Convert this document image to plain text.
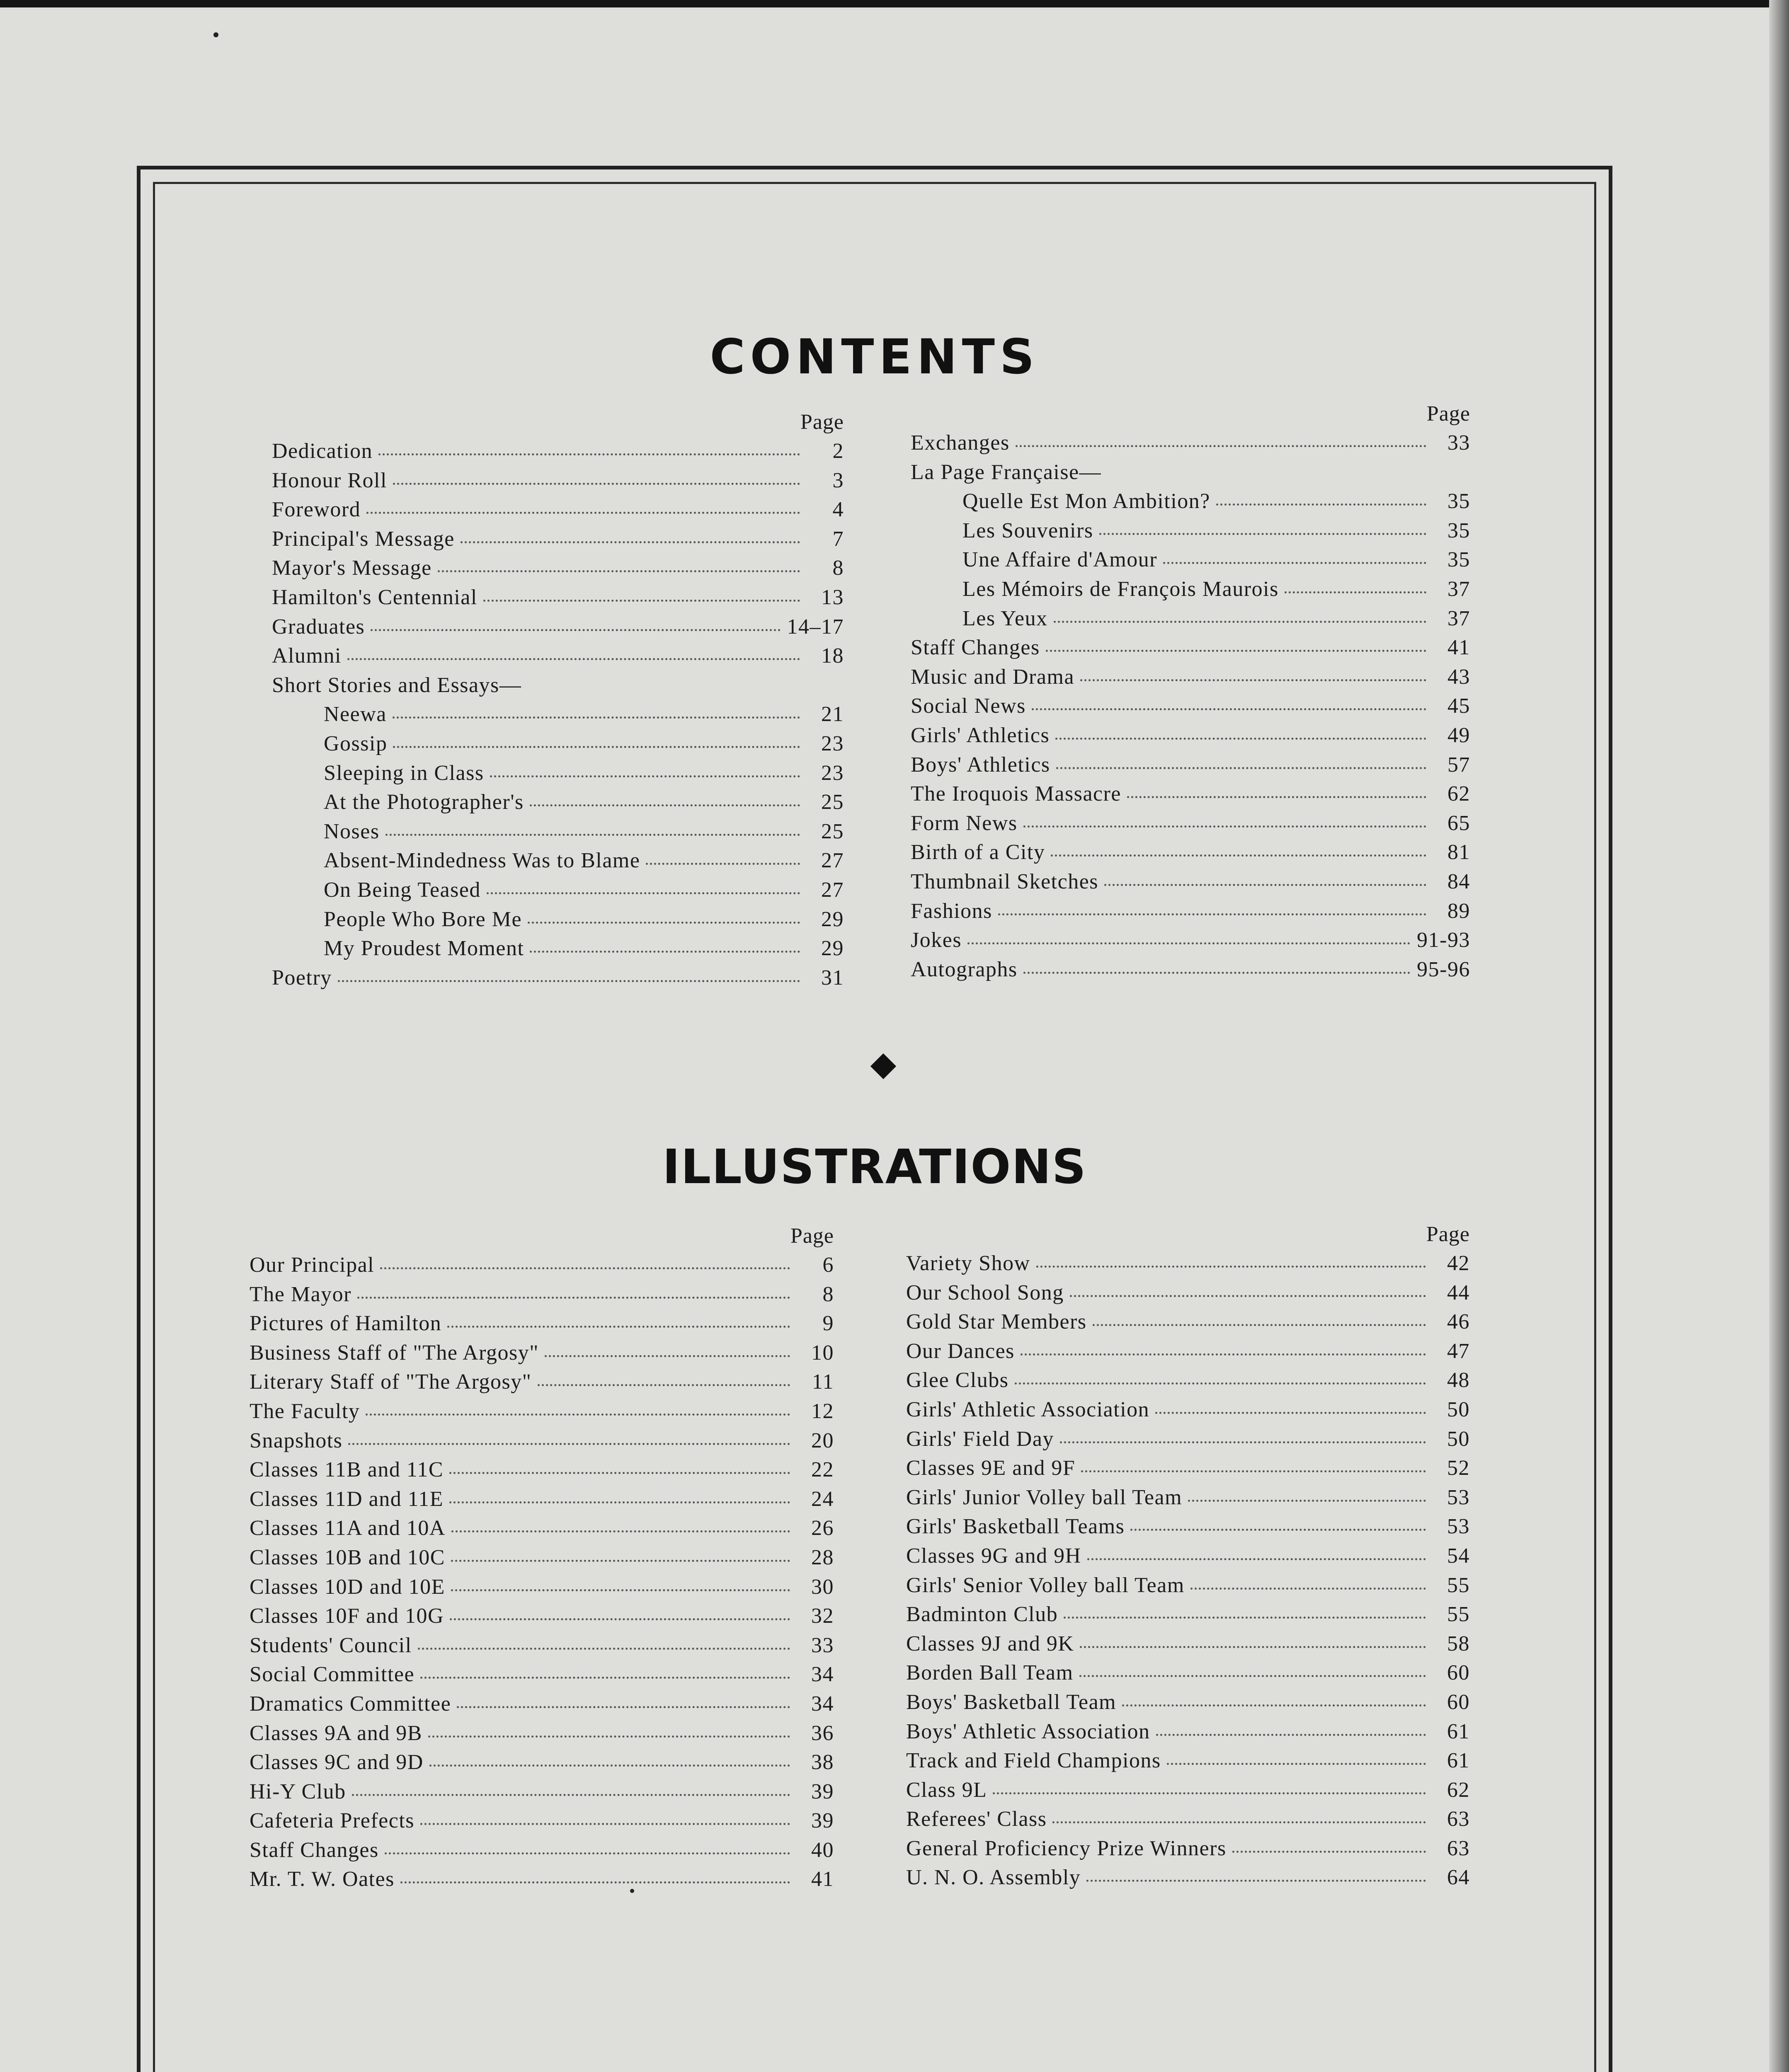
CONTENTS
Page
Dedication	2
Honour Roll	3
Foreword	4
Principal's Message	7
Mayor's Message	8
Hamilton's Centennial	13
Graduates	14–17
Alumni	18
Short Stories and Essays—
Neewa	21
Gossip	23
Sleeping in Class	23
At the Photographer's	25
Noses	25
Absent-Mindedness Was to Blame	27
On Being Teased	27
People Who Bore Me	29
My Proudest Moment	29
Poetry	31
Page
Exchanges	33
La Page Française—
Quelle Est Mon Ambition?	35
Les Souvenirs	35
Une Affaire d'Amour	35
Les Mémoirs de François Maurois	37
Les Yeux	37
Staff Changes	41
Music and Drama	43
Social News	45
Girls' Athletics	49
Boys' Athletics	57
The Iroquois Massacre	62
Form News	65
Birth of a City	81
Thumbnail Sketches	84
Fashions	89
Jokes	91-93
Autographs	95-96
ILLUSTRATIONS
Page
Our Principal	6
The Mayor	8
Pictures of Hamilton	9
Business Staff of "The Argosy"	10
Literary Staff of "The Argosy"	11
The Faculty	12
Snapshots	20
Classes 11B and 11C	22
Classes 11D and 11E	24
Classes 11A and 10A	26
Classes 10B and 10C	28
Classes 10D and 10E	30
Classes 10F and 10G	32
Students' Council	33
Social Committee	34
Dramatics Committee	34
Classes 9A and 9B	36
Classes 9C and 9D	38
Hi-Y Club	39
Cafeteria Prefects	39
Staff Changes	40
Mr. T. W. Oates	41
Page
Variety Show	42
Our School Song	44
Gold Star Members	46
Our Dances	47
Glee Clubs	48
Girls' Athletic Association	50
Girls' Field Day	50
Classes 9E and 9F	52
Girls' Junior Volley ball Team	53
Girls' Basketball Teams	53
Classes 9G and 9H	54
Girls' Senior Volley ball Team	55
Badminton Club	55
Classes 9J and 9K	58
Borden Ball Team	60
Boys' Basketball Team	60
Boys' Athletic Association	61
Track and Field Champions	61
Class 9L	62
Referees' Class	63
General Proficiency Prize Winners	63
U. N. O. Assembly	64
